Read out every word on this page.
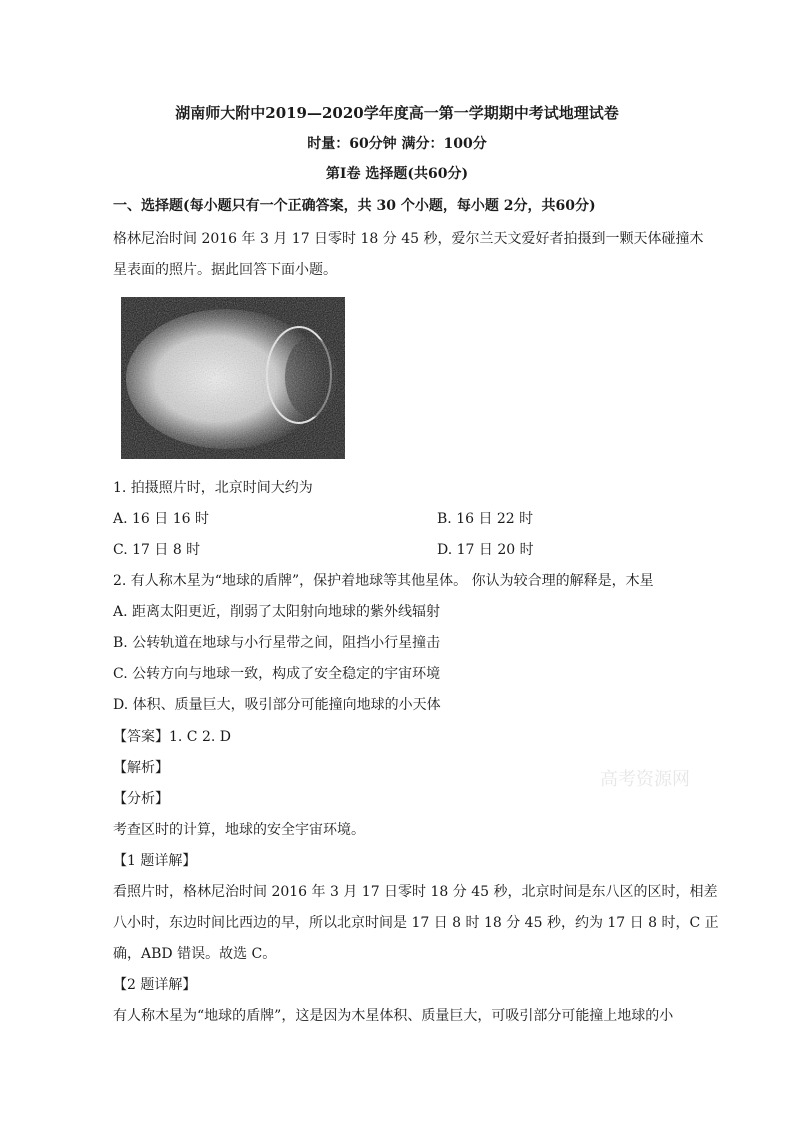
湖南师大附中2019—2020学年度高一第一学期期中考试地理试卷
时量：60分钟 满分：100分
第Ⅰ卷 选择题(共60分)
一、选择题(每小题只有一个正确答案，共 30 个小题，每小题 2分，共60分)
格林尼治时间 2016 年 3 月 17 日零时 18 分 45 秒，爱尔兰天文爱好者拍摄到一颗天体碰撞木
星表面的照片。据此回答下面小题。
1. 拍摄照片时，北京时间大约为
A. 16 日 16 时	B. 16 日 22 时
C. 17 日 8 时	D. 17 日 20 时
2. 有人称木星为“地球的盾牌”，保护着地球等其他星体。 你认为较合理的解释是，木星
A. 距离太阳更近，削弱了太阳射向地球的紫外线辐射
B. 公转轨道在地球与小行星带之间，阻挡小行星撞击
C. 公转方向与地球一致，构成了安全稳定的宇宙环境
D. 体积、质量巨大，吸引部分可能撞向地球的小天体
【答案】1. C 2. D
【解析】
【分析】
考查区时的计算，地球的安全宇宙环境。
【1 题详解】
看照片时，格林尼治时间 2016 年 3 月 17 日零时 18 分 45 秒，北京时间是东八区的区时，相差
八小时，东边时间比西边的早，所以北京时间是 17 日 8 时 18 分 45 秒，约为 17 日 8 时，C 正
确，ABD 错误。故选 C。
【2 题详解】
有人称木星为“地球的盾牌”，这是因为木星体积、质量巨大，可吸引部分可能撞上地球的小
高考资源网
